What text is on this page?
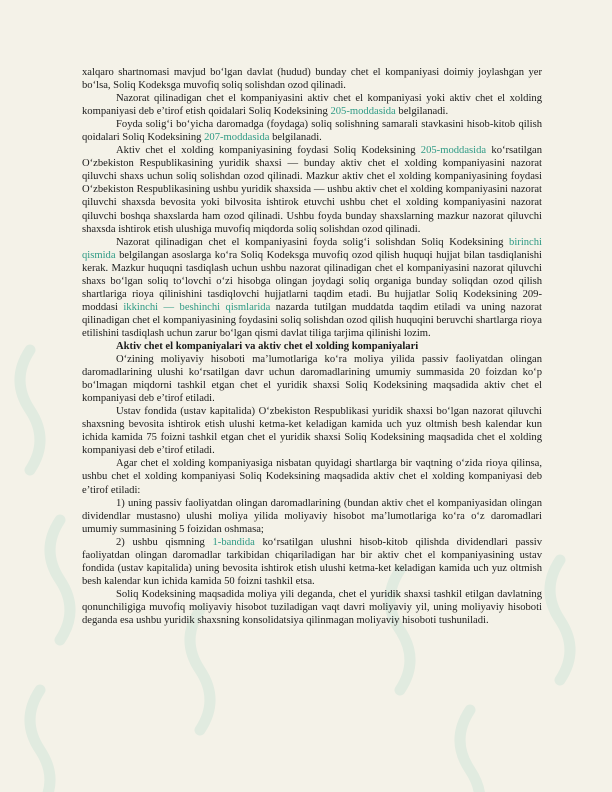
xalqaro shartnomasi mavjud bo‘lgan davlat (hudud) bunday chet el kompaniyasi doimiy joylashgan yer bo‘lsa, Soliq Kodeksga muvofiq soliq solishdan ozod qilinadi.

Nazorat qilinadigan chet el kompaniyasini aktiv chet el kompaniyasi yoki aktiv chet el xolding kompaniyasi deb e’tirof etish qoidalari Soliq Kodeksining 205-moddasida belgilanadi.

Foyda solig‘i bo‘yicha daromadga (foydaga) soliq solishning samarali stavkasini hisob-kitob qilish qoidalari Soliq Kodeksining 207-moddasida belgilanadi.

Aktiv chet el xolding kompaniyasining foydasi Soliq Kodeksining 205-moddasida ko‘rsatilgan O‘zbekiston Respublikasining yuridik shaxsi — bunday aktiv chet el xolding kompaniyasini nazorat qiluvchi shaxs uchun soliq solishdan ozod qilinadi. Mazkur aktiv chet el xolding kompaniyasining foydasi O‘zbekiston Respublikasining ushbu yuridik shaxsida — ushbu aktiv chet el xolding kompaniyasini nazorat qiluvchi shaxsda bevosita yoki bilvosita ishtirok etuvchi ushbu chet el xolding kompaniyasini nazorat qiluvchi boshqa shaxslarda ham ozod qilinadi. Ushbu foyda bunday shaxslarning mazkur nazorat qiluvchi shaxsda ishtirok etish ulushiga muvofiq miqdorda soliq solishdan ozod qilinadi.

Nazorat qilinadigan chet el kompaniyasini foyda solig‘i solishdan Soliq Kodeksining birinchi qismida belgilangan asoslarga ko‘ra Soliq Kodeksga muvofiq ozod qilish huquqi hujjat bilan tasdiqlanishi kerak. Mazkur huquqni tasdiqlash uchun ushbu nazorat qilinadigan chet el kompaniyasini nazorat qiluvchi shaxs bo‘lgan soliq to‘lovchi o‘zi hisobga olingan joydagi soliq organiga bunday soliqdan ozod qilish shartlariga rioya qilinishini tasdiqlovchi hujjatlarni taqdim etadi. Bu hujjatlar Soliq Kodeksining 209-moddasi ikkinchi — beshinchi qismlarida nazarda tutilgan muddatda taqdim etiladi va uning nazorat qilinadigan chet el kompaniyasining foydasini soliq solishdan ozod qilish huquqini beruvchi shartlarga rioya etilishini tasdiqlash uchun zarur bo‘lgan qismi davlat tiliga tarjima qilinishi lozim.

Aktiv chet el kompaniyalari va aktiv chet el xolding kompaniyalari

O‘zining moliyaviy hisoboti ma’lumotlariga ko‘ra moliya yilida passiv faoliyatdan olingan daromadlarining ulushi ko‘rsatilgan davr uchun daromadlarining umumiy summasida 20 foizdan ko‘p bo‘lmagan miqdorni tashkil etgan chet el yuridik shaxsi Soliq Kodeksining maqsadida aktiv chet el kompaniyasi deb e’tirof etiladi.

Ustav fondida (ustav kapitalida) O‘zbekiston Respublikasi yuridik shaxsi bo‘lgan nazorat qiluvchi shaxsning bevosita ishtirok etish ulushi ketma-ket keladigan kamida uch yuz oltmish besh kalendar kun ichida kamida 75 foizni tashkil etgan chet el yuridik shaxsi Soliq Kodeksining maqsadida chet el xolding kompaniyasi deb e’tirof etiladi.

Agar chet el xolding kompaniyasiga nisbatan quyidagi shartlarga bir vaqtning o‘zida rioya qilinsa, ushbu chet el xolding kompaniyasi Soliq Kodeksining maqsadida aktiv chet el xolding kompaniyasi deb e’tirof etiladi:

1) uning passiv faoliyatdan olingan daromadlarining (bundan aktiv chet el kompaniyasidan olingan dividendlar mustasno) ulushi moliya yilida moliyaviy hisobot ma’lumotlariga ko‘ra o‘z daromadlari umumiy summasining 5 foizidan oshmasa;

2) ushbu qismning 1-bandida ko‘rsatilgan ulushni hisob-kitob qilishda dividendlari passiv faoliyatdan olingan daromadlar tarkibidan chiqariladigan har bir aktiv chet el kompaniyasining ustav fondida (ustav kapitalida) uning bevosita ishtirok etish ulushi ketma-ket keladigan kamida uch yuz oltmish besh kalendar kun ichida kamida 50 foizni tashkil etsa.

Soliq Kodeksining maqsadida moliya yili deganda, chet el yuridik shaxsi tashkil etilgan davlatning qonunchiligiga muvofiq moliyaviy hisobot tuziladigan vaqt davri moliyaviy yil, uning moliyaviy hisoboti deganda esa ushbu yuridik shaxsning konsolidatsiya qilinmagan moliyaviy hisoboti tushuniladi.
